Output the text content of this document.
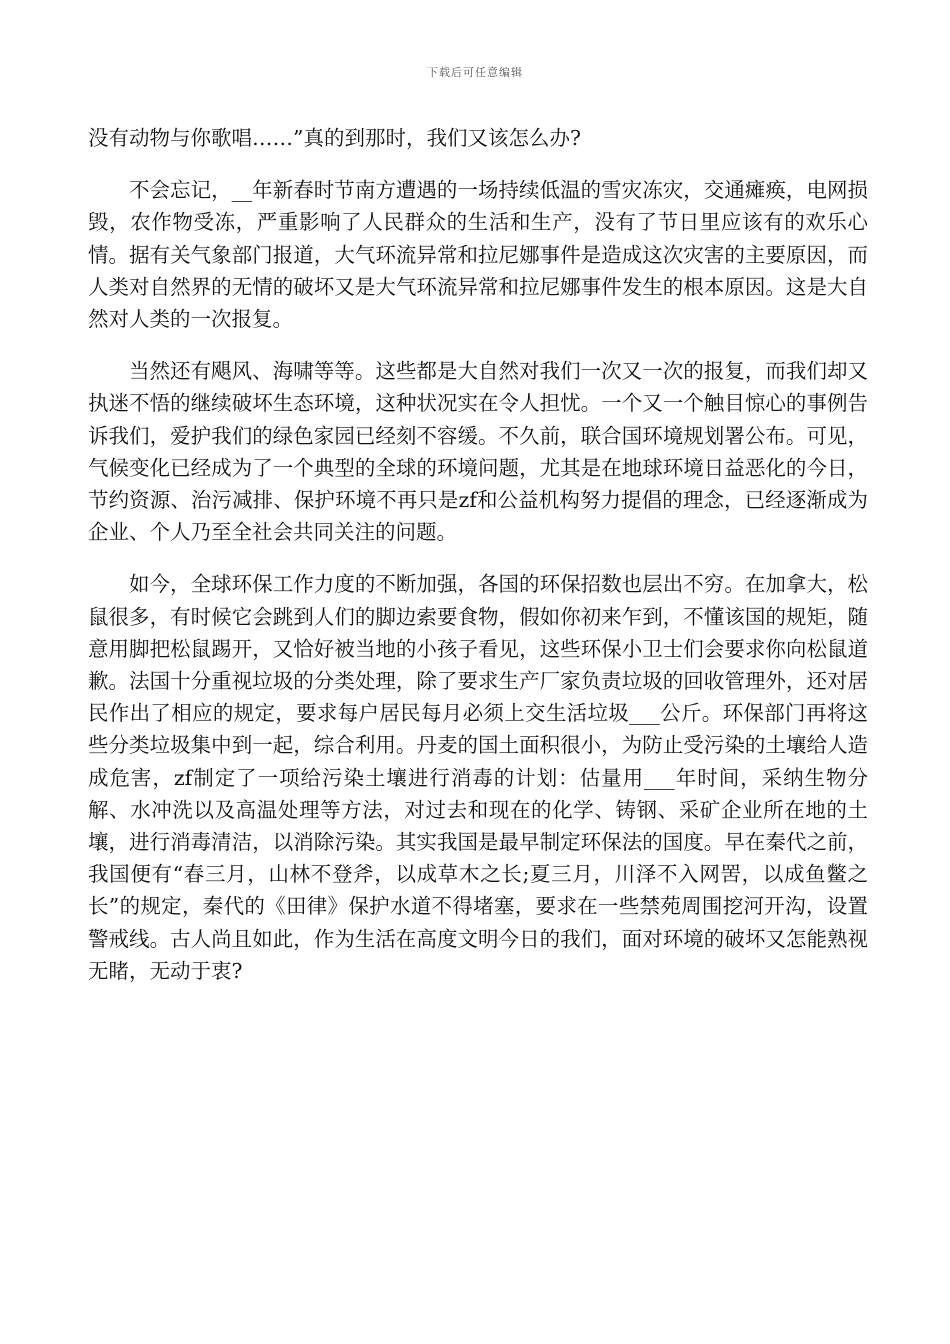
下载后可任意编辑

没有动物与你歌唱……”真的到那时，我们又该怎么办?

不会忘记，__年新春时节南方遭遇的一场持续低温的雪灾冻灾，交通瘫痪，电网损毁，农作物受冻，严重影响了人民群众的生活和生产，没有了节日里应该有的欢乐心情。据有关气象部门报道，大气环流异常和拉尼娜事件是造成这次灾害的主要原因，而人类对自然界的无情的破坏又是大气环流异常和拉尼娜事件发生的根本原因。这是大自然对人类的一次报复。

当然还有飓风、海啸等等。这些都是大自然对我们一次又一次的报复，而我们却又执迷不悟的继续破坏生态环境，这种状况实在令人担忧。一个又一个触目惊心的事例告诉我们，爱护我们的绿色家园已经刻不容缓。不久前，联合国环境规划署公布。可见，气候变化已经成为了一个典型的全球的环境问题，尤其是在地球环境日益恶化的今日，节约资源、治污减排、保护环境不再只是zf和公益机构努力提倡的理念，已经逐渐成为企业、个人乃至全社会共同关注的问题。

如今，全球环保工作力度的不断加强，各国的环保招数也层出不穷。在加拿大，松鼠很多，有时候它会跳到人们的脚边索要食物，假如你初来乍到，不懂该国的规矩，随意用脚把松鼠踢开，又恰好被当地的小孩子看见，这些环保小卫士们会要求你向松鼠道歉。法国十分重视垃圾的分类处理，除了要求生产厂家负责垃圾的回收管理外，还对居民作出了相应的规定，要求每户居民每月必须上交生活垃圾___公斤。环保部门再将这些分类垃圾集中到一起，综合利用。丹麦的国土面积很小，为防止受污染的土壤给人造成危害，zf制定了一项给污染土壤进行消毒的计划：估量用___年时间，采纳生物分解、水冲洗以及高温处理等方法，对过去和现在的化学、铸钢、采矿企业所在地的土壤，进行消毒清洁，以消除污染。其实我国是最早制定环保法的国度。早在秦代之前，我国便有“春三月，山林不登斧，以成草木之长;夏三月，川泽不入网罟，以成鱼鳖之长”的规定，秦代的《田律》保护水道不得堵塞，要求在一些禁苑周围挖河开沟，设置警戒线。古人尚且如此，作为生活在高度文明今日的我们，面对环境的破坏又怎能熟视无睹，无动于衷?
